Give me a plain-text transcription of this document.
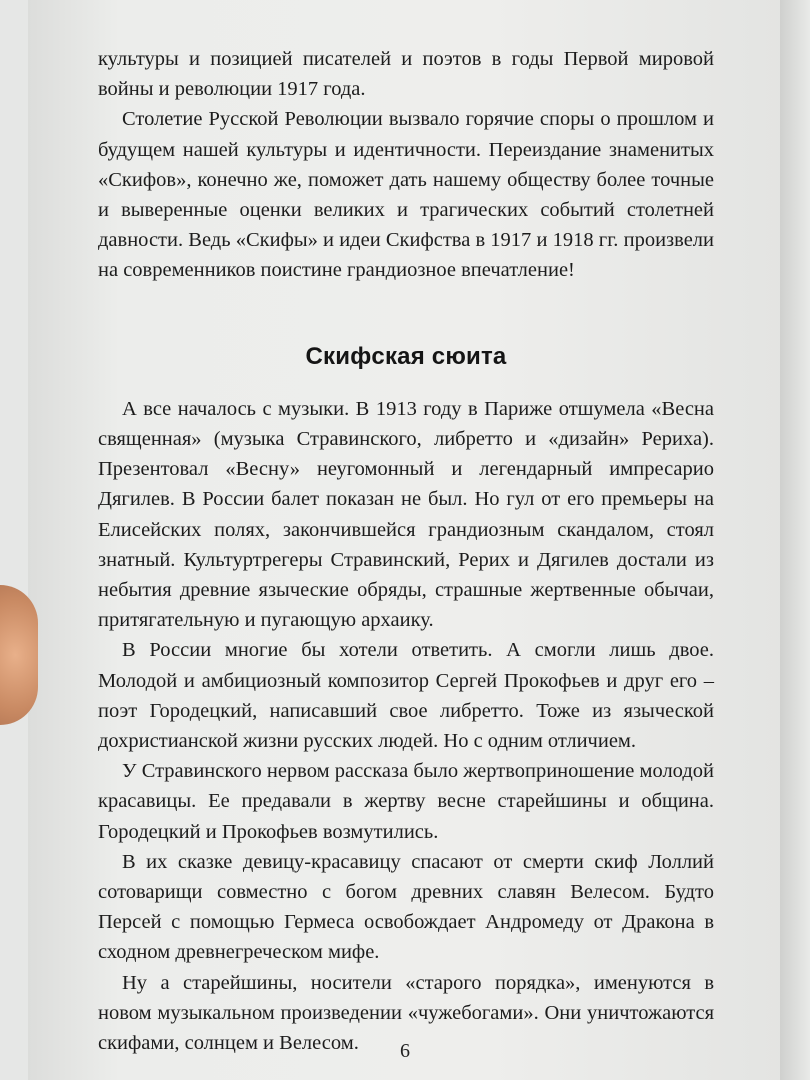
культуры и позицией писателей и поэтов в годы Первой мировой войны и революции 1917 года.

Столетие Русской Революции вызвало горячие споры о прошлом и будущем нашей культуры и идентичности. Переиздание знаменитых «Скифов», конечно же, поможет дать нашему обществу более точные и выверенные оценки великих и трагических событий столетней давности. Ведь «Скифы» и идеи Скифства в 1917 и 1918 гг. произвели на современников поистине грандиозное впечатление!

Скифская сюита

А все началось с музыки. В 1913 году в Париже отшумела «Весна священная» (музыка Стравинского, либретто и «дизайн» Рериха). Презентовал «Весну» неугомонный и легендарный импресарио Дягилев. В России балет показан не был. Но гул от его премьеры на Елисейских полях, закончившейся грандиозным скандалом, стоял знатный. Культуртрегеры Стравинский, Рерих и Дягилев достали из небытия древние языческие обряды, страшные жертвенные обычаи, притягательную и пугающую архаику.

В России многие бы хотели ответить. А смогли лишь двое. Молодой и амбициозный композитор Сергей Прокофьев и друг его – поэт Городецкий, написавший свое либретто. Тоже из языческой дохристианской жизни русских людей. Но с одним отличием.

У Стравинского нервом рассказа было жертвоприношение молодой красавицы. Ее предавали в жертву весне старейшины и община. Городецкий и Прокофьев возмутились.

В их сказке девицу-красавицу спасают от смерти скиф Лоллий сотоварищи совместно с богом древних славян Велесом. Будто Персей с помощью Гермеса освобождает Андромеду от Дракона в сходном древнегреческом мифе.

Ну а старейшины, носители «старого порядка», именуются в новом музыкальном произведении «чужебогами». Они уничтожаются скифами, солнцем и Велесом.	6
